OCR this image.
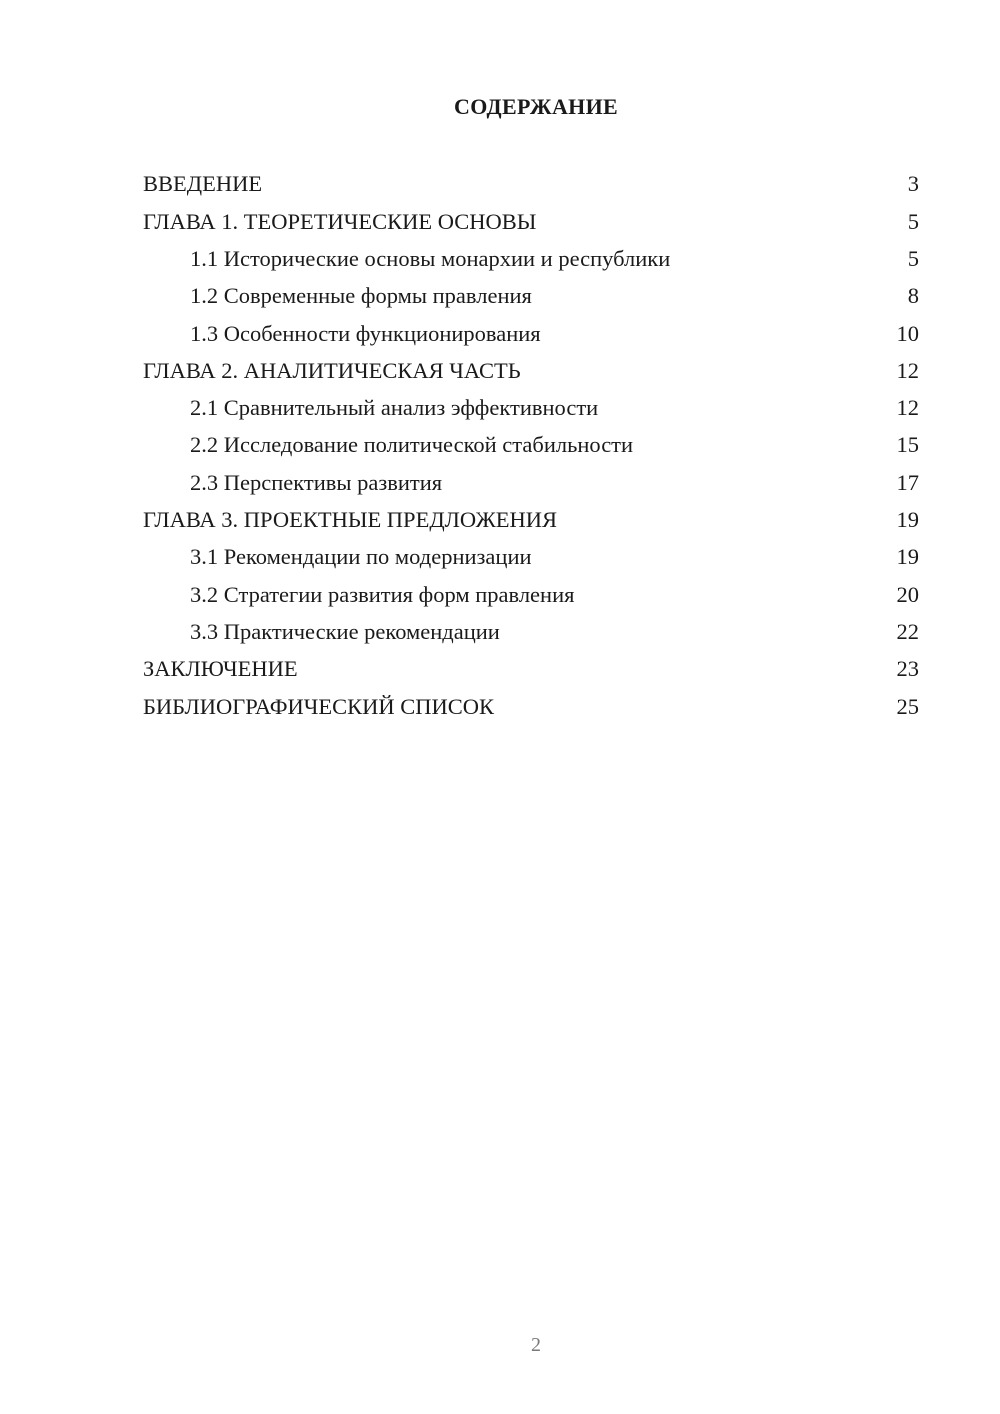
СОДЕРЖАНИЕ
ВВЕДЕНИЕ	3
ГЛАВА 1. ТЕОРЕТИЧЕСКИЕ ОСНОВЫ	5
1.1 Исторические основы монархии и республики	5
1.2 Современные формы правления	8
1.3 Особенности функционирования	10
ГЛАВА 2. АНАЛИТИЧЕСКАЯ ЧАСТЬ	12
2.1 Сравнительный анализ эффективности	12
2.2 Исследование политической стабильности	15
2.3 Перспективы развития	17
ГЛАВА 3. ПРОЕКТНЫЕ ПРЕДЛОЖЕНИЯ	19
3.1 Рекомендации по модернизации	19
3.2 Стратегии развития форм правления	20
3.3 Практические рекомендации	22
ЗАКЛЮЧЕНИЕ	23
БИБЛИОГРАФИЧЕСКИЙ СПИСОК	25
2
